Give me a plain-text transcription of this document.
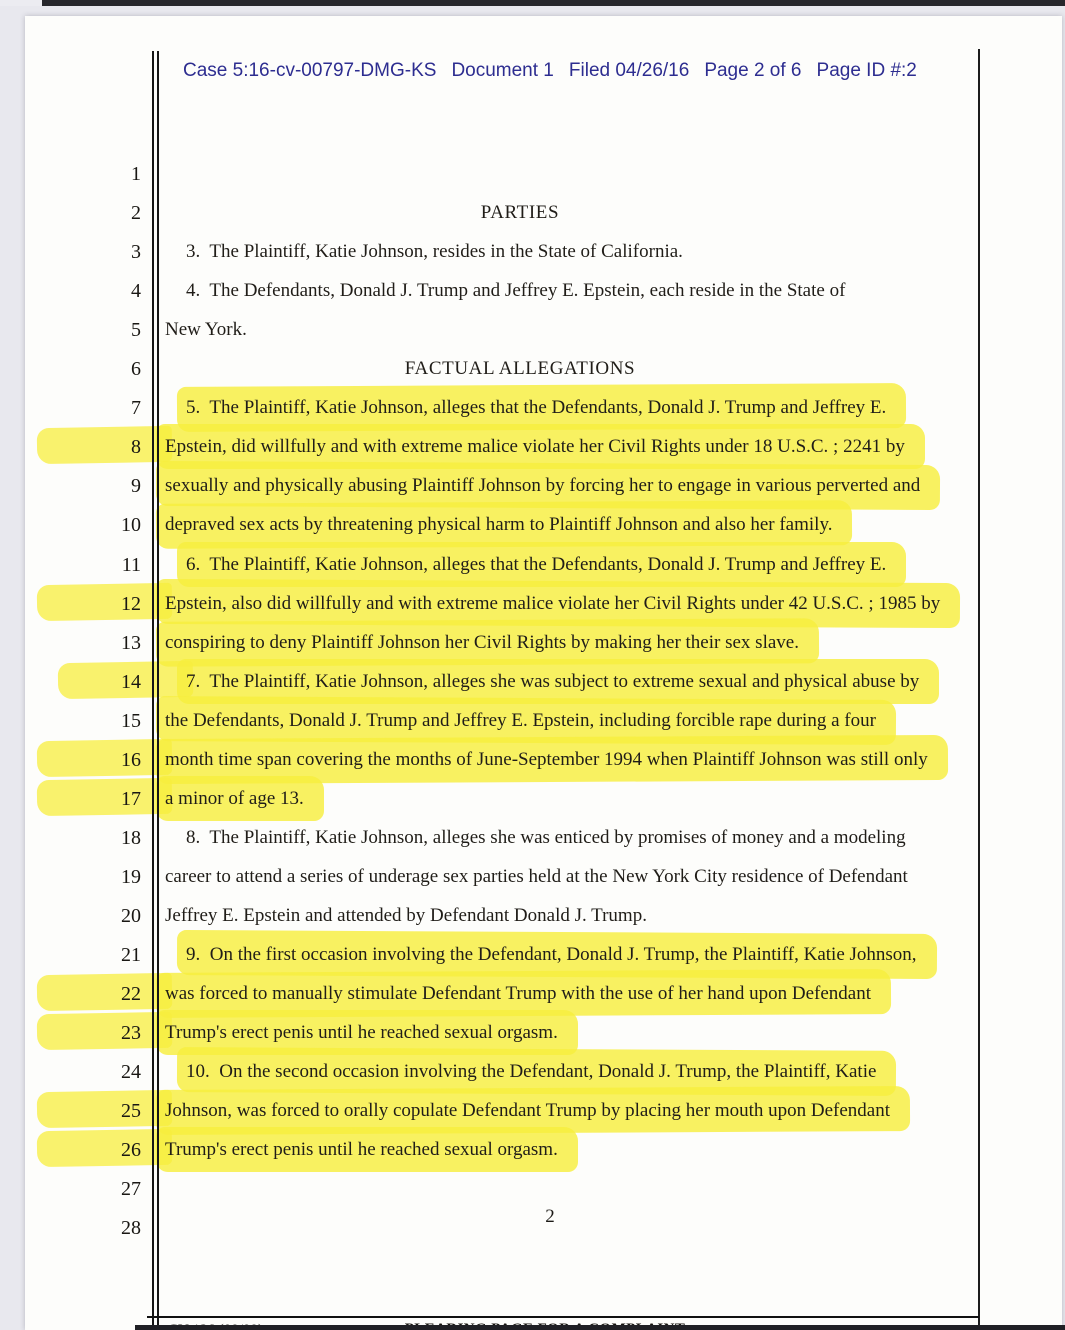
Case 5:16-cv-00797-DMG-KS Document 1 Filed 04/26/16 Page 2 of 6 Page ID #:2
1
2	PARTIES
3	3.  The Plaintiff, Katie Johnson, resides in the State of California.
4	4.  The Defendants, Donald J. Trump and Jeffrey E. Epstein, each reside in the State of
5 New York.
6	FACTUAL ALLEGATIONS
7	5.  The Plaintiff, Katie Johnson, alleges that the Defendants, Donald J. Trump and Jeffrey E.
8 Epstein, did willfully and with extreme malice violate her Civil Rights under 18 U.S.C. ; 2241 by
9 sexually and physically abusing Plaintiff Johnson by forcing her to engage in various perverted and
10 depraved sex acts by threatening physical harm to Plaintiff Johnson and also her family.
11	6.  The Plaintiff, Katie Johnson, alleges that the Defendants, Donald J. Trump and Jeffrey E.
12 Epstein, also did willfully and with extreme malice violate her Civil Rights under 42 U.S.C. ; 1985 by
13 conspiring to deny Plaintiff Johnson her Civil Rights by making her their sex slave.
14	7.  The Plaintiff, Katie Johnson, alleges she was subject to extreme sexual and physical abuse by
15 the Defendants, Donald J. Trump and Jeffrey E. Epstein, including forcible rape during a four
16 month time span covering the months of June-September 1994 when Plaintiff Johnson was still only
17 a minor of age 13.
18	8.  The Plaintiff, Katie Johnson, alleges she was enticed by promises of money and a modeling
19 career to attend a series of underage sex parties held at the New York City residence of Defendant
20 Jeffrey E. Epstein and attended by Defendant Donald J. Trump.
21	9.  On the first occasion involving the Defendant, Donald J. Trump, the Plaintiff, Katie Johnson,
22 was forced to manually stimulate Defendant Trump with the use of her hand upon Defendant
23 Trump's erect penis until he reached sexual orgasm.
24	10.  On the second occasion involving the Defendant, Donald J. Trump, the Plaintiff, Katie
25 Johnson, was forced to orally copulate Defendant Trump by placing her mouth upon Defendant
26 Trump's erect penis until he reached sexual orgasm.
27
28
2
